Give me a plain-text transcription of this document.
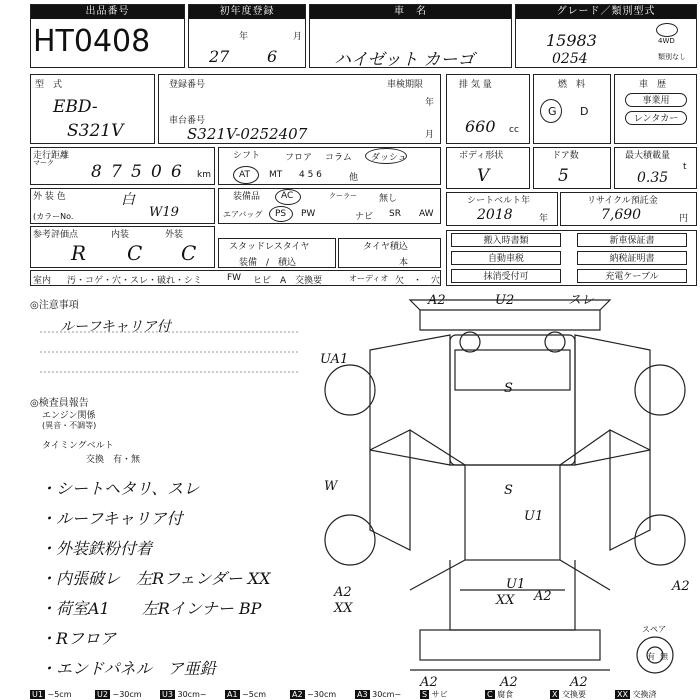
出品番号
HT0408
初年度登録
27
年
6
月
車　名
ハイゼット カーゴ
グレード／類別型式
15983
0254
4WD
類別なし
型　式
EBD-
S321V
登録番号
車台番号
S321V-0252407
車検期限
年
月
排 気 量
660 cc
燃　料
G D
車　歴
事業用
レンタカー
走行距離
マーク 8 7 5 0 6 km
シフト	フロア コラム ダッシュ
AT MT 4 5 6	他
ボディ形状
V
ドア数
5
最大積載量
0.35
t
外 装 色	白
(カラーNo.	W19
装備品 AC	クーラー 無し
エアバッグ PS PW	ナビ SR AW
シートベルト年
2018	年
リサイクル預託金
7,690	円
参考評価点
R
内装
C
外装
C	スタッドレスタイヤ
装備　/　積込
タイヤ積込
本
搬入時書類	新車保証書
自動車税	納税証明書
抹消受付可	充電ケーブル
室内 汚・コゲ・穴・スレ・破れ・シミ	FW ヒビ　A　交換要	オーディオ 欠　・　穴
◎注意事項
ルーフキャリア付
◎検査員報告
エンジン関係
(異音・不調等)
タイミングベルト
交換　有・無
・シートヘタリ、スレ
・ルーフキャリア付
・外装鉄粉付着
・内張破レ　左Rフェンダー XX
・荷室A1　　左Rインナー BP
・Rフロア
・エンドパネル　ア亜鉛
A2	U2	スレ
UA1
S
W	S
U1
A2
XX
U1
XX A2
A2
A2	A2	A2
スペア
有 無
U1 ~5cm	U2 ~30cm	U3 30cm~	A1 ~5cm	A2 ~30cm	A3 30cm~	S サビ	C 腐食	X 交換要	XX 交換済
